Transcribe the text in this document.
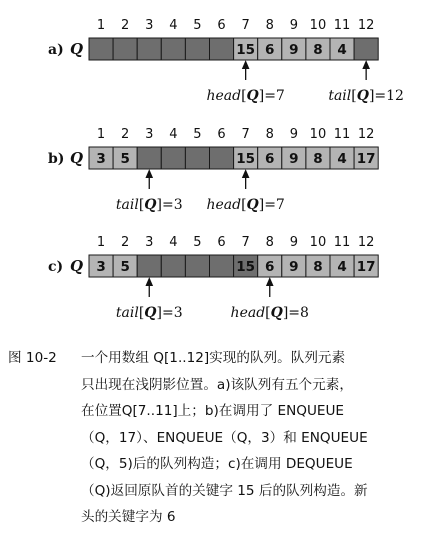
1 2 3 4 5 6 7 8 9 10 11 12
a) Q	15 6 9 8 4
head[Q]=7	tail[Q]=12
1 2 3 4 5 6 7 8 9 10 11 12
b) Q 3 5	15 6 9 8 4 17
tail[Q]=3 head[Q]=7
1 2 3 4 5 6 7 8 9 10 11 12
c) Q 3 5	15 6 9 8 4 17
tail[Q]=3	head[Q]=8
图 10-2	一个用数组 Q[1..12]实现的队列。队列元素
只出现在浅阴影位置。a)该队列有五个元素，
在位置Q[7..11]上；b)在调用了 ENQUEUE
（Q，17）、ENQUEUE（Q，3）和 ENQUEUE
（Q，5)后的队列构造；c)在调用 DEQUEUE
（Q)返回原队首的关键字 15 后的队列构造。新
头的关键字为 6
